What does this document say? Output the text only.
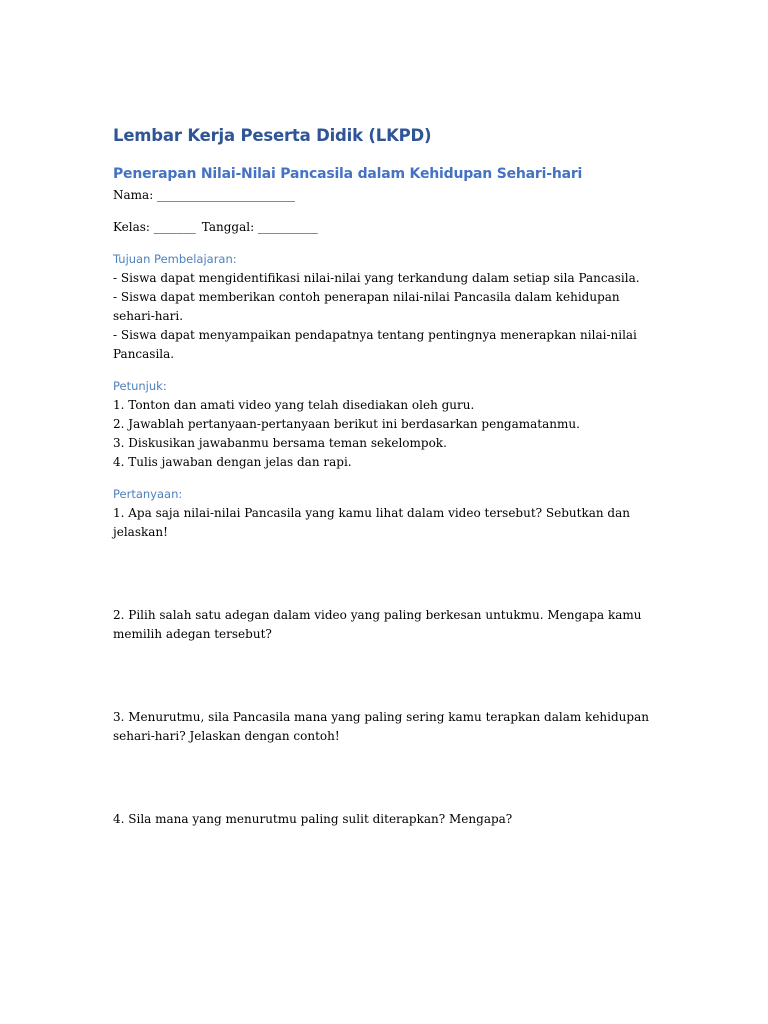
Lembar Kerja Peserta Didik (LKPD)
Penerapan Nilai-Nilai Pancasila dalam Kehidupan Sehari-hari

Nama: _______________________

Kelas: _______ Tanggal: __________

Tujuan Pembelajaran:

- Siswa dapat mengidentifikasi nilai-nilai yang terkandung dalam setiap sila Pancasila.

- Siswa dapat memberikan contoh penerapan nilai-nilai Pancasila dalam kehidupan sehari-hari.

- Siswa dapat menyampaikan pendapatnya tentang pentingnya menerapkan nilai-nilai Pancasila.

Petunjuk:

1. Tonton dan amati video yang telah disediakan oleh guru.

2. Jawablah pertanyaan-pertanyaan berikut ini berdasarkan pengamatanmu.

3. Diskusikan jawabanmu bersama teman sekelompok.

4. Tulis jawaban dengan jelas dan rapi.

Pertanyaan:

1. Apa saja nilai-nilai Pancasila yang kamu lihat dalam video tersebut? Sebutkan dan jelaskan!

2. Pilih salah satu adegan dalam video yang paling berkesan untukmu. Mengapa kamu memilih adegan tersebut?

3. Menurutmu, sila Pancasila mana yang paling sering kamu terapkan dalam kehidupan sehari-hari? Jelaskan dengan contoh!

4. Sila mana yang menurutmu paling sulit diterapkan? Mengapa?
